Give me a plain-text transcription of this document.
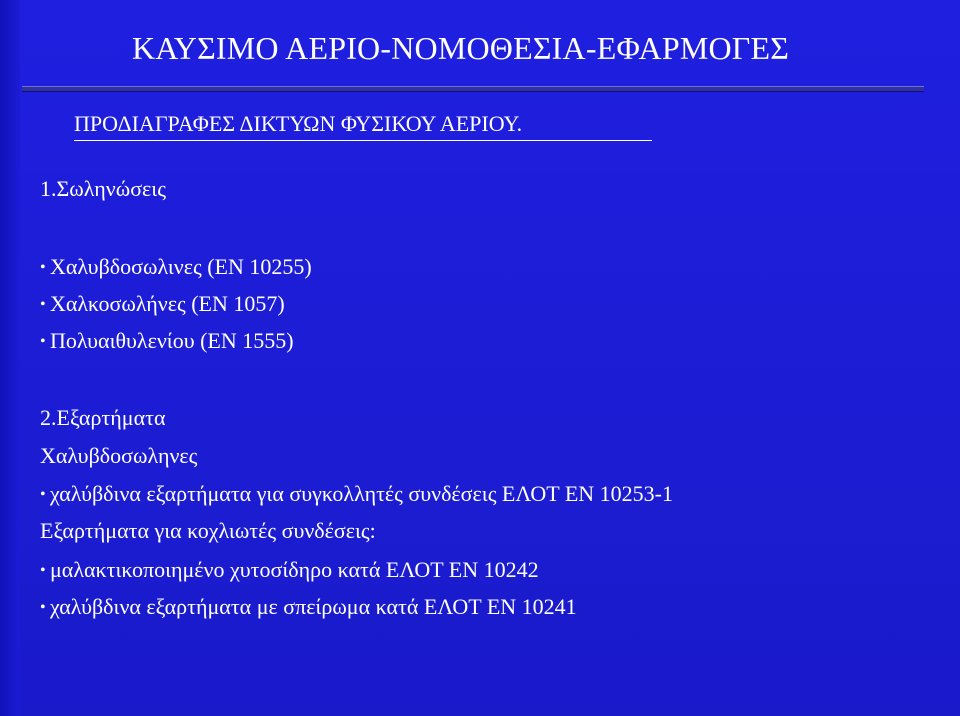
ΚΑΥΣΙΜΟ ΑΕΡΙΟ-ΝΟΜΟΘΕΣΙΑ-ΕΦΑΡΜΟΓΕΣ
ΠΡΟΔΙΑΓΡΑΦΕΣ ΔΙΚΤΥΩΝ ΦΥΣΙΚΟΥ ΑΕΡΙΟΥ.
1.Σωληνώσεις
• Χαλυβδοσωλινες (EN 10255)
• Χαλκοσωλήνες (EN 1057)
• Πολυαιθυλενίου (EN 1555)
2.Εξαρτήματα
Χαλυβδοσωληνες
• χαλύβδινα εξαρτήματα για συγκολλητές συνδέσεις ΕΛΟΤ ΕΝ 10253-1
Εξαρτήματα για κοχλιωτές συνδέσεις:
• μαλακτικοποιημένο χυτοσίδηρο κατά ΕΛΟΤ ΕΝ 10242
• χαλύβδινα εξαρτήματα με σπείρωμα κατά ΕΛΟΤ ΕΝ 10241
